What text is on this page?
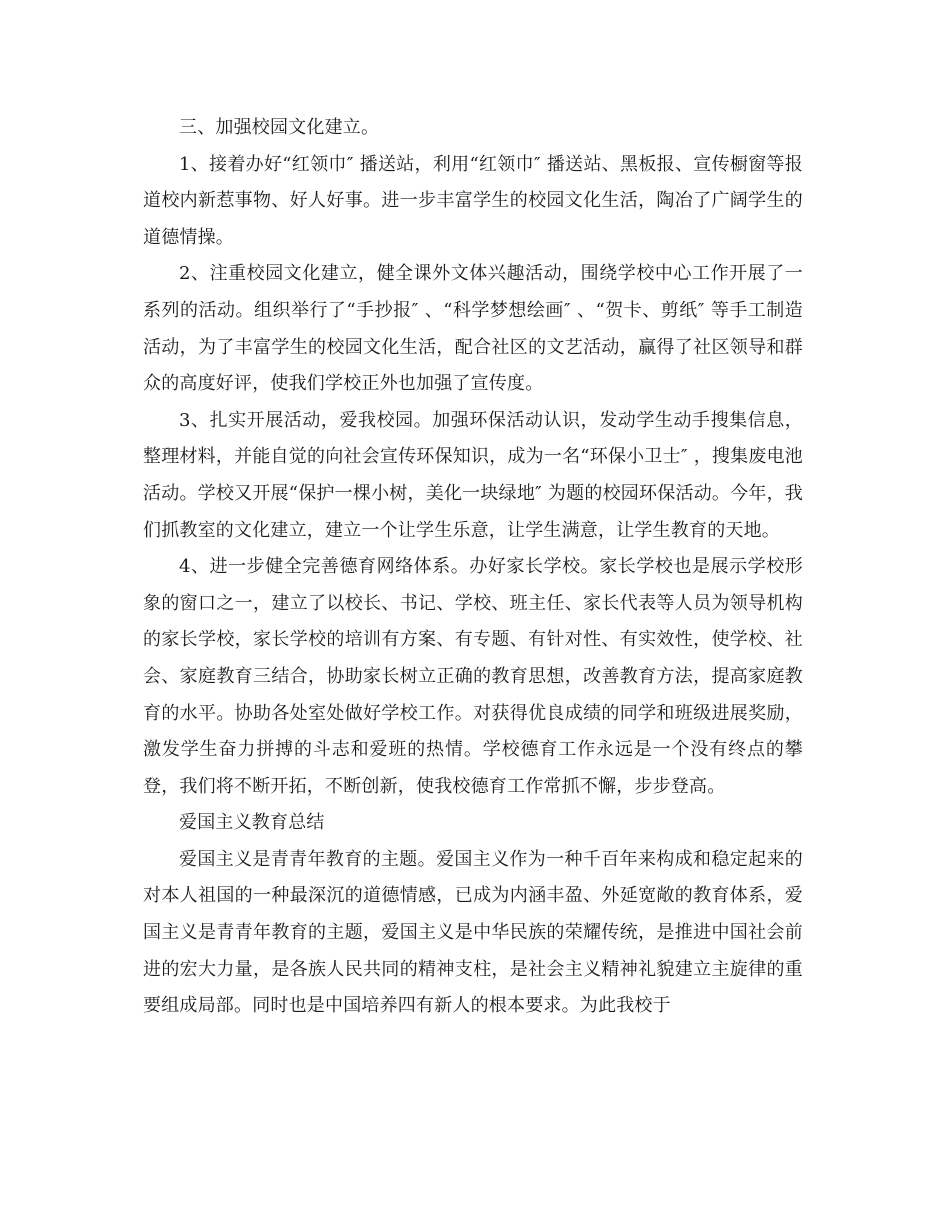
三、加强校园文化建立。

1、接着办好“红领巾″ 播送站，利用“红领巾″ 播送站、黑板报、宣传橱窗等报道校内新惹事物、好人好事。进一步丰富学生的校园文化生活，陶冶了广阔学生的道德情操。

2、注重校园文化建立，健全课外文体兴趣活动，围绕学校中心工作开展了一系列的活动。组织举行了“手抄报″ 、“科学梦想绘画″ 、“贺卡、剪纸″ 等手工制造活动，为了丰富学生的校园文化生活，配合社区的文艺活动，赢得了社区领导和群众的高度好评，使我们学校正外也加强了宣传度。

3、扎实开展活动，爱我校园。加强环保活动认识，发动学生动手搜集信息，整理材料，并能自觉的向社会宣传环保知识，成为一名“环保小卫士″ ，搜集废电池活动。学校又开展“保护一棵小树，美化一块绿地″ 为题的校园环保活动。今年，我们抓教室的文化建立，建立一个让学生乐意，让学生满意，让学生教育的天地。

4、进一步健全完善德育网络体系。办好家长学校。家长学校也是展示学校形象的窗口之一，建立了以校长、书记、学校、班主任、家长代表等人员为领导机构的家长学校，家长学校的培训有方案、有专题、有针对性、有实效性，使学校、社会、家庭教育三结合，协助家长树立正确的教育思想，改善教育方法，提高家庭教育的水平。协助各处室处做好学校工作。对获得优良成绩的同学和班级进展奖励，激发学生奋力拼搏的斗志和爱班的热情。学校德育工作永远是一个没有终点的攀登，我们将不断开拓，不断创新，使我校德育工作常抓不懈，步步登高。

爱国主义教育总结

爱国主义是青青年教育的主题。爱国主义作为一种千百年来构成和稳定起来的对本人祖国的一种最深沉的道德情感，已成为内涵丰盈、外延宽敞的教育体系，爱国主义是青青年教育的主题，爱国主义是中华民族的荣耀传统，是推进中国社会前进的宏大力量，是各族人民共同的精神支柱，是社会主义精神礼貌建立主旋律的重要组成局部。同时也是中国培养四有新人的根本要求。为此我校于
